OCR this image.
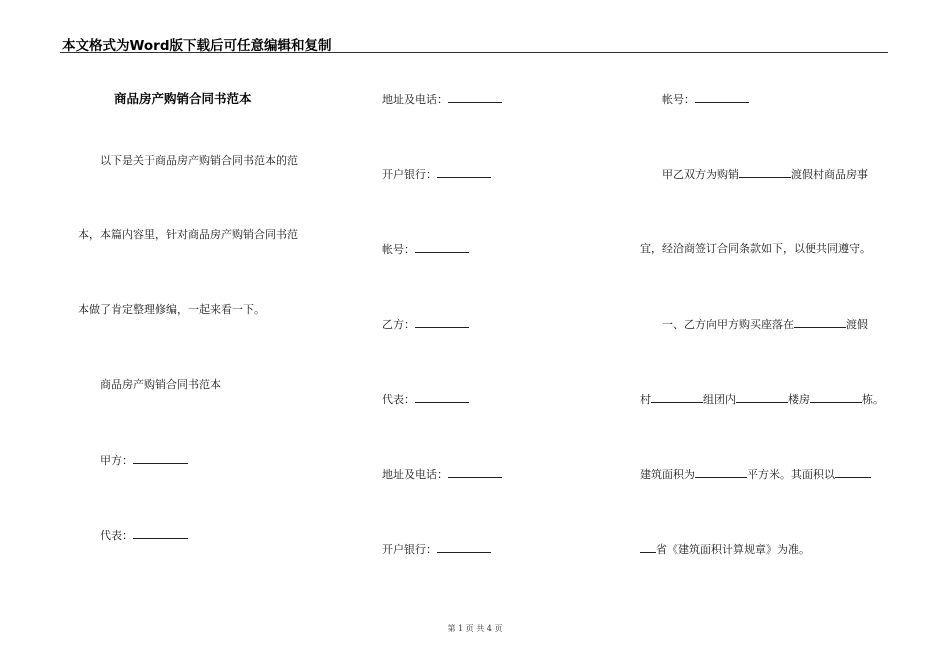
本文格式为Word版下载后可任意编辑和复制
商品房产购销合同书范本
以下是关于商品房产购销合同书范本的范
本，本篇内容里，针对商品房产购销合同书范
本做了肯定整理修编，一起来看一下。
商品房产购销合同书范本
甲方：
代表：
地址及电话：
开户银行：
帐号：
乙方：
代表：
地址及电话：
开户银行：
帐号：
甲乙双方为购销	渡假村商品房事
宜，经洽商签订合同条款如下，以便共同遵守。
一、乙方向甲方购买座落在	渡假
村	组团内	楼房	栋。
建筑面积为	平方米。其面积以
省《建筑面积计算规章》为准。
第 1 页 共 4 页
